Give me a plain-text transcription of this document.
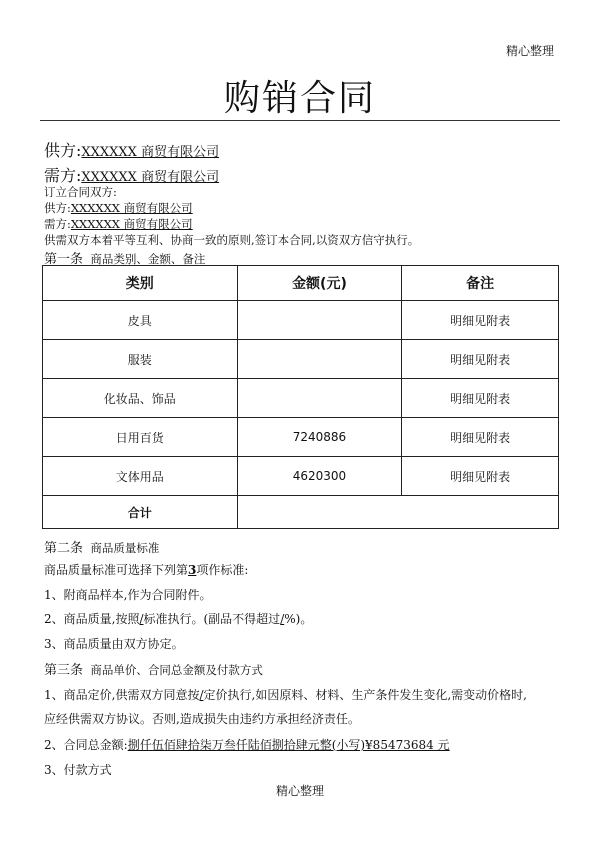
精心整理
购销合同
供方:XXXXXX 商贸有限公司
需方:XXXXXX 商贸有限公司
订立合同双方:
供方:XXXXXX 商贸有限公司
需方:XXXXXX 商贸有限公司
供需双方本着平等互利、协商一致的原则,签订本合同,以资双方信守执行。
第一条 商品类别、金额、备注
类别	金额(元)	备注
皮具		明细见附表
服装		明细见附表
化妆品、饰品		明细见附表
日用百货	7240886	明细见附表
文体用品	4620300	明细见附表
合计		
第二条 商品质量标准
商品质量标准可选择下列第3项作标准:
1、附商品样本,作为合同附件。
2、商品质量,按照/标准执行。(副品不得超过/%)。
3、商品质量由双方协定。
第三条 商品单价、合同总金额及付款方式
1、商品定价,供需双方同意按/定价执行,如因原料、材料、生产条件发生变化,需变动价格时,
应经供需双方协议。否则,造成损失由违约方承担经济责任。
2、合同总金额:捌仟伍佰肆拾柒万叁仟陆佰捌拾肆元整(小写)¥85473684 元
3、付款方式
精心整理
